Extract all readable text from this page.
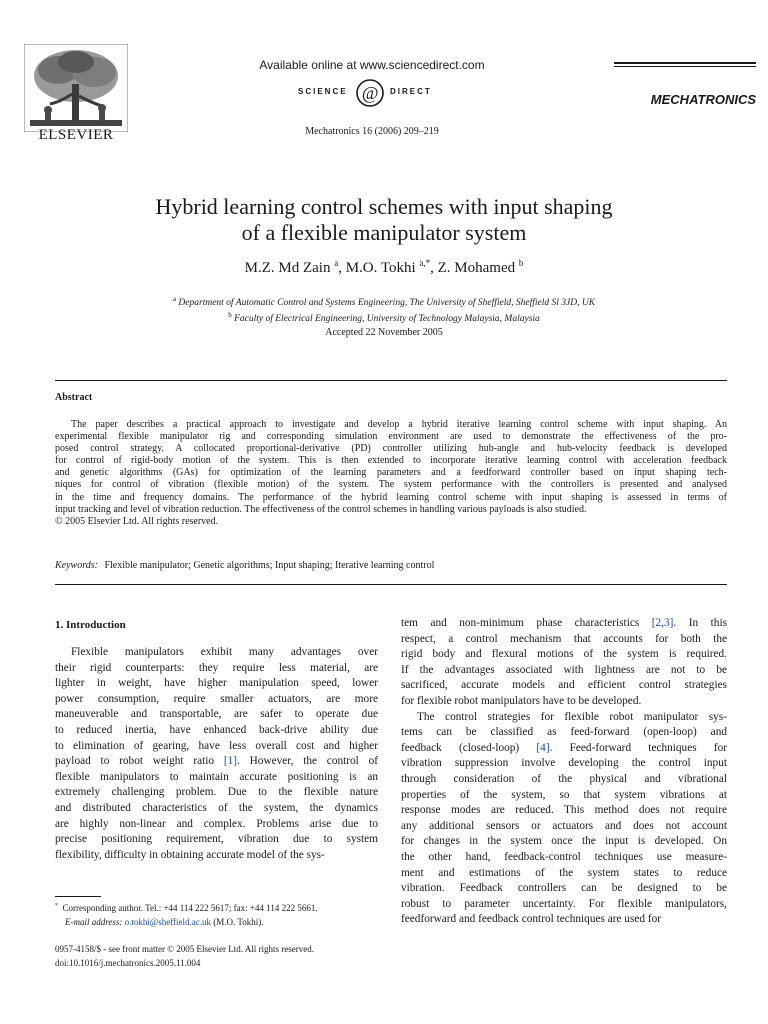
ELSEVIER
Available online at www.sciencedirect.com
SCIENCE @ DIRECT
Mechatronics 16 (2006) 209–219
MECHATRONICS
Hybrid learning control schemes with input shaping
of a flexible manipulator system
M.Z. Md Zain $^a$, M.O. Tokhi $^{a,*}$, Z. Mohamed $^b$
$^a$ Department of Automatic Control and Systems Engineering, The University of Sheffield, Sheffield Sl 3JD, UK
$^b$ Faculty of Electrical Engineering, University of Technology Malaysia, Malaysia
Accepted 22 November 2005
Abstract
The paper describes a practical approach to investigate and develop a hybrid iterative learning control scheme with input shaping. An
experimental flexible manipulator rig and corresponding simulation environment are used to demonstrate the effectiveness of the pro-
posed control strategy. A collocated proportional-derivative (PD) controller utilizing hub-angle and hub-velocity feedback is developed
for control of rigid-body motion of the system. This is then extended to incorporate iterative learning control with acceleration feedback
and genetic algorithms (GAs) for optimization of the learning parameters and a feedforward controller based on input shaping tech-
niques for control of vibration (flexible motion) of the system. The system performance with the controllers is presented and analysed
in the time and frequency domains. The performance of the hybrid learning control scheme with input shaping is assessed in terms of
input tracking and level of vibration reduction. The effectiveness of the control schemes in handling various payloads is also studied.
© 2005 Elsevier Ltd. All rights reserved.
Keywords: Flexible manipulator; Genetic algorithms; Input shaping; Iterative learning control
1. Introduction
Flexible manipulators exhibit many advantages over
their rigid counterparts: they require less material, are
lighter in weight, have higher manipulation speed, lower
power consumption, require smaller actuators, are more
maneuverable and transportable, are safer to operate due
to reduced inertia, have enhanced back-drive ability due
to elimination of gearing, have less overall cost and higher
payload to robot weight ratio [1]. However, the control of
flexible manipulators to maintain accurate positioning is an
extremely challenging problem. Due to the flexible nature
and distributed characteristics of the system, the dynamics
are highly non-linear and complex. Problems arise due to
precise positioning requirement, vibration due to system
flexibility, difficulty in obtaining accurate model of the sys-
tem and non-minimum phase characteristics [2,3]. In this
respect, a control mechanism that accounts for both the
rigid body and flexural motions of the system is required.
If the advantages associated with lightness are not to be
sacrificed, accurate models and efficient control strategies
for flexible robot manipulators have to be developed.
The control strategies for flexible robot manipulator sys-
tems can be classified as feed-forward (open-loop) and
feedback (closed-loop) [4]. Feed-forward techniques for
vibration suppression involve developing the control input
through consideration of the physical and vibrational
properties of the system, so that system vibrations at
response modes are reduced. This method does not require
any additional sensors or actuators and does not account
for changes in the system once the input is developed. On
the other hand, feedback-control techniques use measure-
ment and estimations of the system states to reduce
vibration. Feedback controllers can be designed to be
robust to parameter uncertainty. For flexible manipulators,
feedforward and feedback control techniques are used for
* Corresponding author. Tel.: +44 114 222 5617; fax: +44 114 222 5661.
E-mail address: o.tokhi@sheffield.ac.uk (M.O. Tokhi).
0957-4158/$ - see front matter © 2005 Elsevier Ltd. All rights reserved.
doi:10.1016/j.mechatronics.2005.11.004
